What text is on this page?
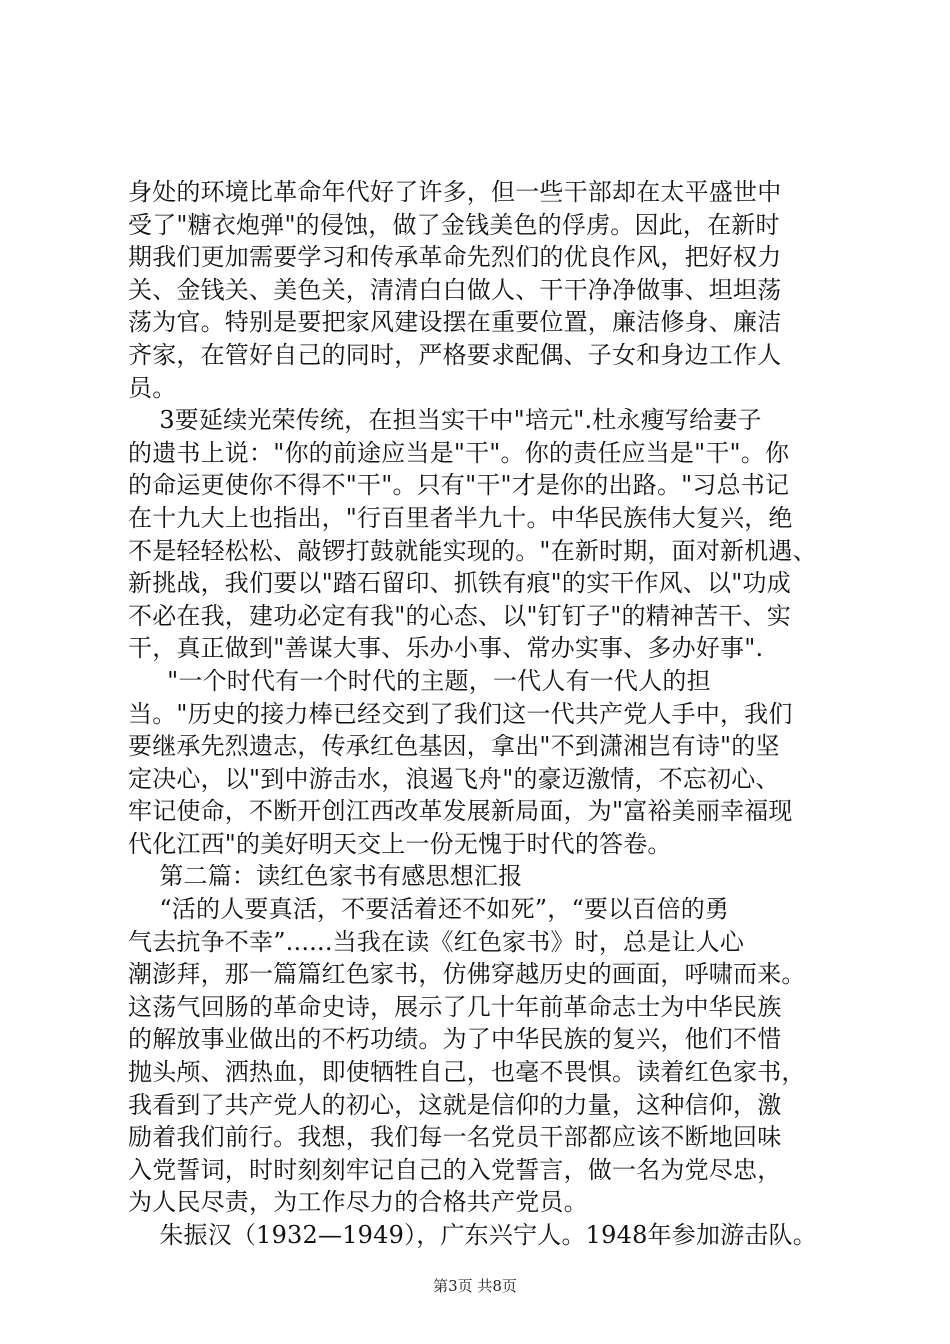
身处的环境比革命年代好了许多，但一些干部却在太平盛世中
受了"糖衣炮弹"的侵蚀，做了金钱美色的俘虏。因此，在新时
期我们更加需要学习和传承革命先烈们的优良作风，把好权力
关、金钱关、美色关，清清白白做人、干干净净做事、坦坦荡
荡为官。特别是要把家风建设摆在重要位置，廉洁修身、廉洁
齐家，在管好自己的同时，严格要求配偶、子女和身边工作人
员。
3要延续光荣传统，在担当实干中"培元".杜永瘦写给妻子
的遗书上说："你的前途应当是"干"。你的责任应当是"干"。你
的命运更使你不得不"干"。只有"干"才是你的出路。"习总书记
在十九大上也指出，"行百里者半九十。中华民族伟大复兴，绝
不是轻轻松松、敲锣打鼓就能实现的。"在新时期，面对新机遇、
新挑战，我们要以"踏石留印、抓铁有痕"的实干作风、以"功成
不必在我，建功必定有我"的心态、以"钉钉子"的精神苦干、实
干，真正做到"善谋大事、乐办小事、常办实事、多办好事".
"一个时代有一个时代的主题，一代人有一代人的担
当。"历史的接力棒已经交到了我们这一代共产党人手中，我们
要继承先烈遗志，传承红色基因，拿出"不到潇湘岂有诗"的坚
定决心，以"到中游击水，浪遏飞舟"的豪迈激情，不忘初心、
牢记使命，不断开创江西改革发展新局面，为"富裕美丽幸福现
代化江西"的美好明天交上一份无愧于时代的答卷。
第二篇：读红色家书有感思想汇报
“活的人要真活，不要活着还不如死”，“要以百倍的勇
气去抗争不幸”......当我在读《红色家书》时，总是让人心
潮澎拜，那一篇篇红色家书，仿佛穿越历史的画面，呼啸而来。
这荡气回肠的革命史诗，展示了几十年前革命志士为中华民族
的解放事业做出的不朽功绩。为了中华民族的复兴，他们不惜
抛头颅、洒热血，即使牺牲自己，也毫不畏惧。读着红色家书，
我看到了共产党人的初心，这就是信仰的力量，这种信仰，激
励着我们前行。我想，我们每一名党员干部都应该不断地回味
入党誓词，时时刻刻牢记自己的入党誓言，做一名为党尽忠，
为人民尽责，为工作尽力的合格共产党员。
朱振汉（1932—1949），广东兴宁人。1948年参加游击队。
第3页 共8页
